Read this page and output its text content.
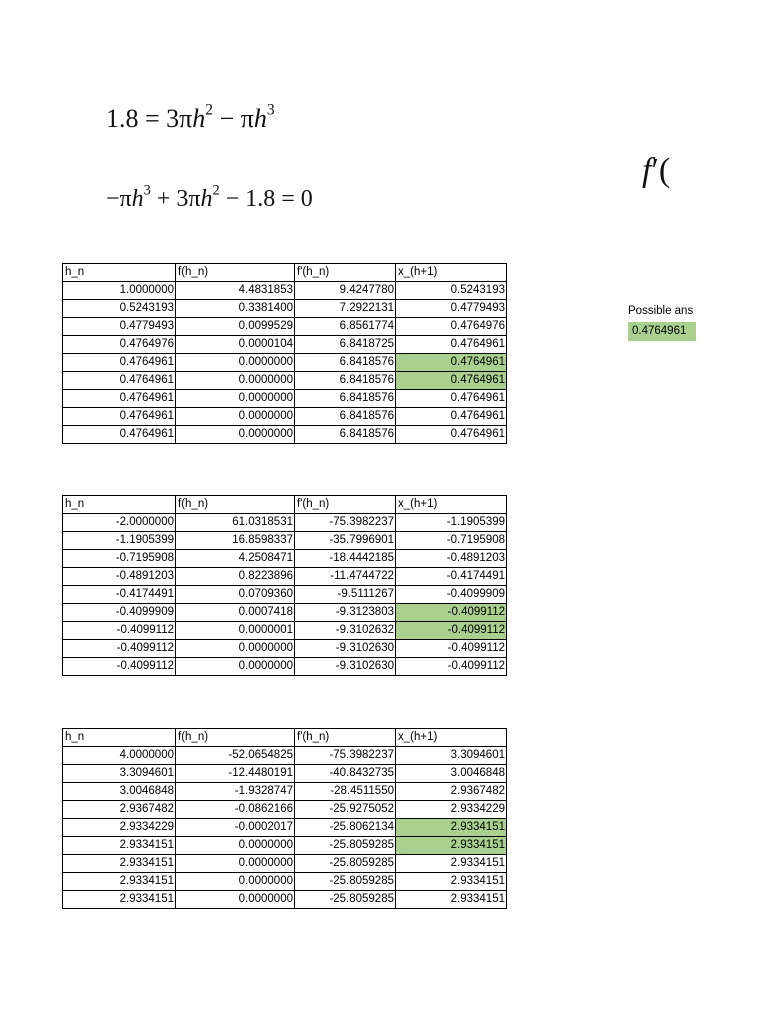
$1.8 = 3\pi h^2 - \pi h^3$
$-\pi h^3 + 3\pi h^2 - 1.8 = 0$
f′(
Possible ans
0.4764961
h_n	f(h_n)	f'(h_n)	x_(h+1)
1.0000000	4.4831853	9.4247780	0.5243193
0.5243193	0.3381400	7.2922131	0.4779493
0.4779493	0.0099529	6.8561774	0.4764976
0.4764976	0.0000104	6.8418725	0.4764961
0.4764961	0.0000000	6.8418576	0.4764961
0.4764961	0.0000000	6.8418576	0.4764961
0.4764961	0.0000000	6.8418576	0.4764961
0.4764961	0.0000000	6.8418576	0.4764961
0.4764961	0.0000000	6.8418576	0.4764961
h_n	f(h_n)	f'(h_n)	x_(h+1)
-2.0000000	61.0318531	-75.3982237	-1.1905399
-1.1905399	16.8598337	-35.7996901	-0.7195908
-0.7195908	4.2508471	-18.4442185	-0.4891203
-0.4891203	0.8223896	-11.4744722	-0.4174491
-0.4174491	0.0709360	-9.5111267	-0.4099909
-0.4099909	0.0007418	-9.3123803	-0.4099112
-0.4099112	0.0000001	-9.3102632	-0.4099112
-0.4099112	0.0000000	-9.3102630	-0.4099112
-0.4099112	0.0000000	-9.3102630	-0.4099112
h_n	f(h_n)	f'(h_n)	x_(h+1)
4.0000000	-52.0654825	-75.3982237	3.3094601
3.3094601	-12.4480191	-40.8432735	3.0046848
3.0046848	-1.9328747	-28.4511550	2.9367482
2.9367482	-0.0862166	-25.9275052	2.9334229
2.9334229	-0.0002017	-25.8062134	2.9334151
2.9334151	0.0000000	-25.8059285	2.9334151
2.9334151	0.0000000	-25.8059285	2.9334151
2.9334151	0.0000000	-25.8059285	2.9334151
2.9334151	0.0000000	-25.8059285	2.9334151
